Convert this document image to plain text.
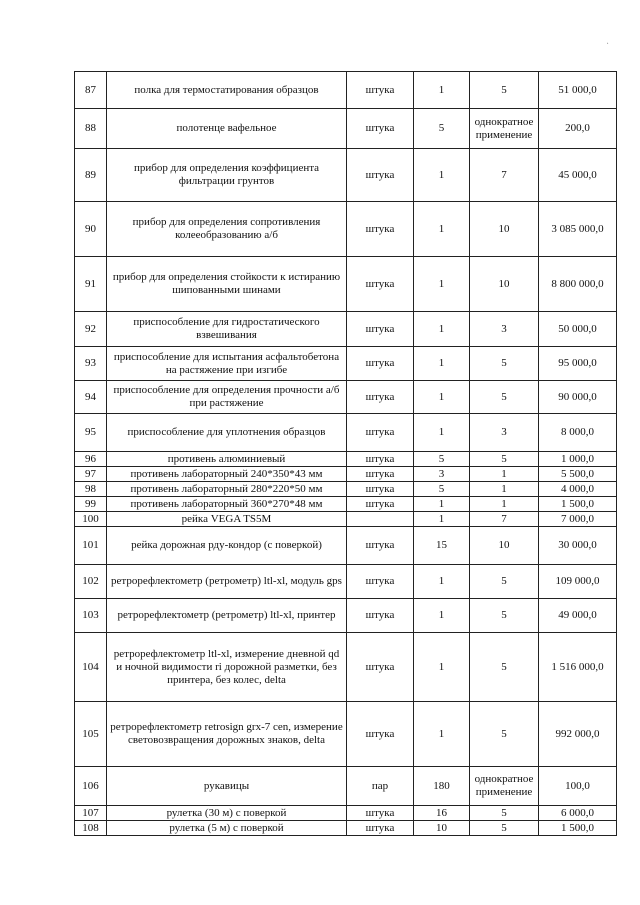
·
87	полка для термостатирования образцов	штука	1	5	51 000,0
88	полотенце вафельное	штука	5	однократное применение	200,0
89	прибор для определения коэффициента фильтрации грунтов	штука	1	7	45 000,0
90	прибор для определения сопротивления колееобразованию а/б	штука	1	10	3 085 000,0
91	прибор для определения стойкости к истиранию шипованными шинами	штука	1	10	8 800 000,0
92	приспособление для гидростатического взвешивания	штука	1	3	50 000,0
93	приспособление для испытания асфальтобетона на растяжение при изгибе	штука	1	5	95 000,0
94	приспособление для определения прочности а/б при растяжение	штука	1	5	90 000,0
95	приспособление для уплотнения образцов	штука	1	3	8 000,0
96	противень алюминиевый	штука	5	5	1 000,0
97	противень лабораторный 240*350*43 мм	штука	3	1	5 500,0
98	противень лабораторный 280*220*50 мм	штука	5	1	4 000,0
99	противень лабораторный 360*270*48 мм	штука	1	1	1 500,0
100	рейка VEGA TS5M		1	7	7 000,0
101	рейка дорожная рду-кондор (с поверкой)	штука	15	10	30 000,0
102	ретрорефлектометр (ретрометр) ltl-xl, модуль gps	штука	1	5	109 000,0
103	ретрорефлектометр (ретрометр) ltl-xl, принтер	штука	1	5	49 000,0
104	ретрорефлектометр ltl-xl, измерение дневной qd и ночной видимости ri дорожной разметки, без принтера, без колес, delta	штука	1	5	1 516 000,0
105	ретрорефлектометр retrosign grx-7 cen, измерение световозвращения дорожных знаков, delta	штука	1	5	992 000,0
106	рукавицы	пар	180	однократное применение	100,0
107	рулетка (30 м) с поверкой	штука	16	5	6 000,0
108	рулетка (5 м) с поверкой	штука	10	5	1 500,0
